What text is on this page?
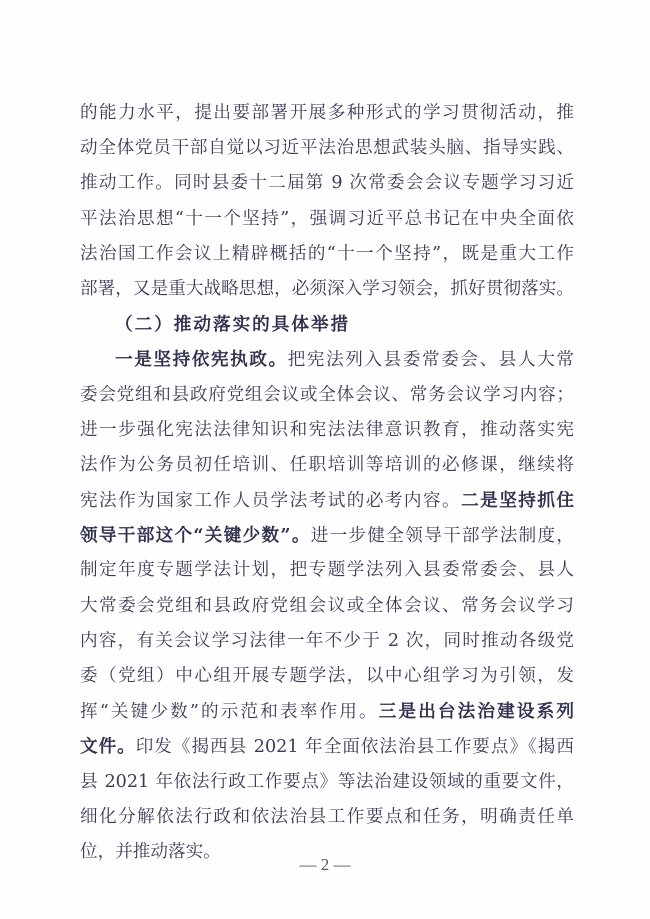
的能力水平，提出要部署开展多种形式的学习贯彻活动，推
动全体党员干部自觉以习近平法治思想武装头脑、指导实践、
推动工作。同时县委十二届第 9 次常委会会议专题学习习近
平法治思想“十一个坚持”，强调习近平总书记在中央全面依
法治国工作会议上精辟概括的“十一个坚持”，既是重大工作
部署，又是重大战略思想，必须深入学习领会，抓好贯彻落实。
（二）推动落实的具体举措
一是坚持依宪执政。把宪法列入县委常委会、县人大常
委会党组和县政府党组会议或全体会议、常务会议学习内容；
进一步强化宪法法律知识和宪法法律意识教育，推动落实宪
法作为公务员初任培训、任职培训等培训的必修课，继续将
宪法作为国家工作人员学法考试的必考内容。二是坚持抓住
领导干部这个“关键少数”。进一步健全领导干部学法制度，
制定年度专题学法计划，把专题学法列入县委常委会、县人
大常委会党组和县政府党组会议或全体会议、常务会议学习
内容，有关会议学习法律一年不少于 2 次，同时推动各级党
委（党组）中心组开展专题学法，以中心组学习为引领，发
挥“关键少数”的示范和表率作用。三是出台法治建设系列
文件。印发《揭西县 2021 年全面依法治县工作要点》《揭西
县 2021 年依法行政工作要点》等法治建设领域的重要文件，
细化分解依法行政和依法治县工作要点和任务，明确责任单
位，并推动落实。
— 2 —
